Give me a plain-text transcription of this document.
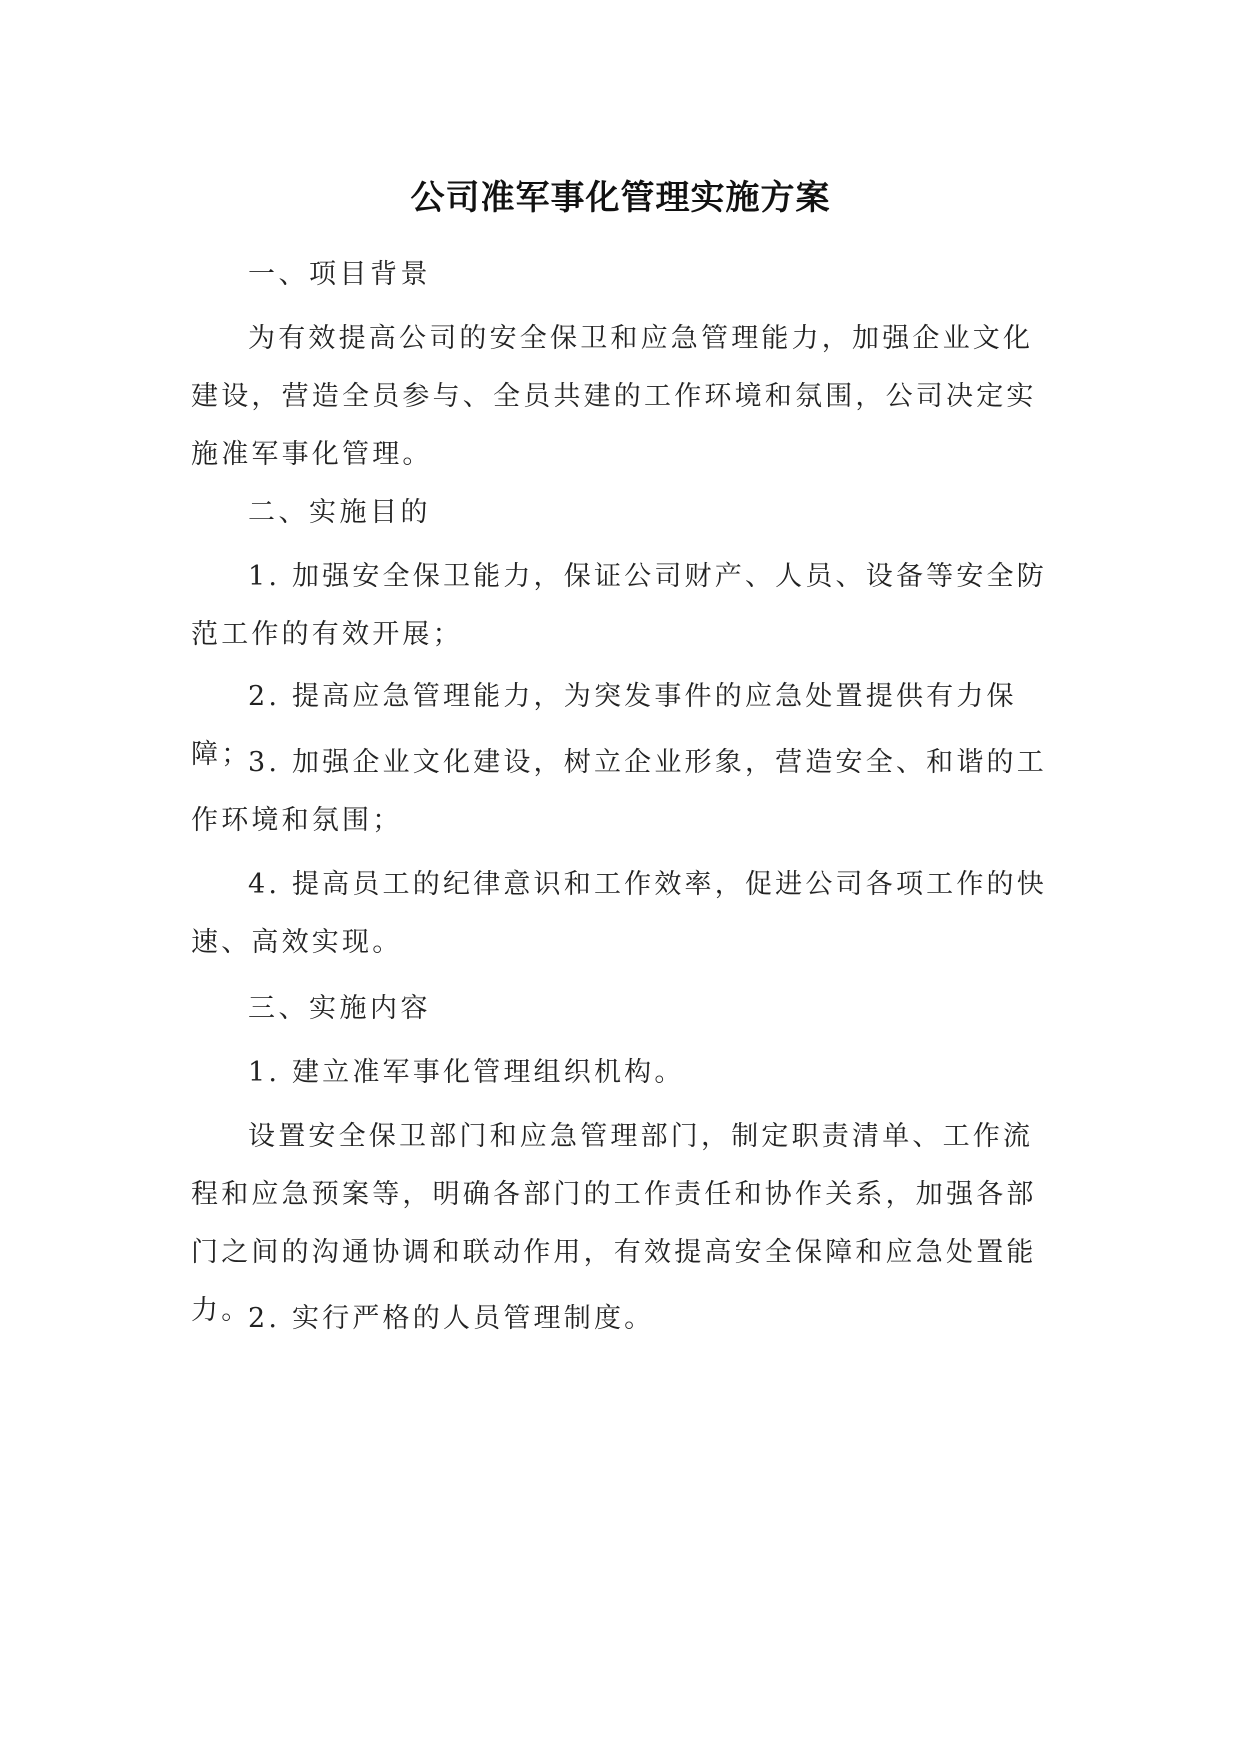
公司准军事化管理实施方案

一、项目背景

为有效提高公司的安全保卫和应急管理能力，加强企业文化建设，营造全员参与、全员共建的工作环境和氛围，公司决定实施准军事化管理。

二、实施目的

1. 加强安全保卫能力，保证公司财产、人员、设备等安全防范工作的有效开展；

2. 提高应急管理能力，为突发事件的应急处置提供有力保障；

3. 加强企业文化建设，树立企业形象，营造安全、和谐的工作环境和氛围；

4. 提高员工的纪律意识和工作效率，促进公司各项工作的快速、高效实现。

三、实施内容

1. 建立准军事化管理组织机构。

设置安全保卫部门和应急管理部门，制定职责清单、工作流程和应急预案等，明确各部门的工作责任和协作关系，加强各部门之间的沟通协调和联动作用，有效提高安全保障和应急处置能力。

2. 实行严格的人员管理制度。
